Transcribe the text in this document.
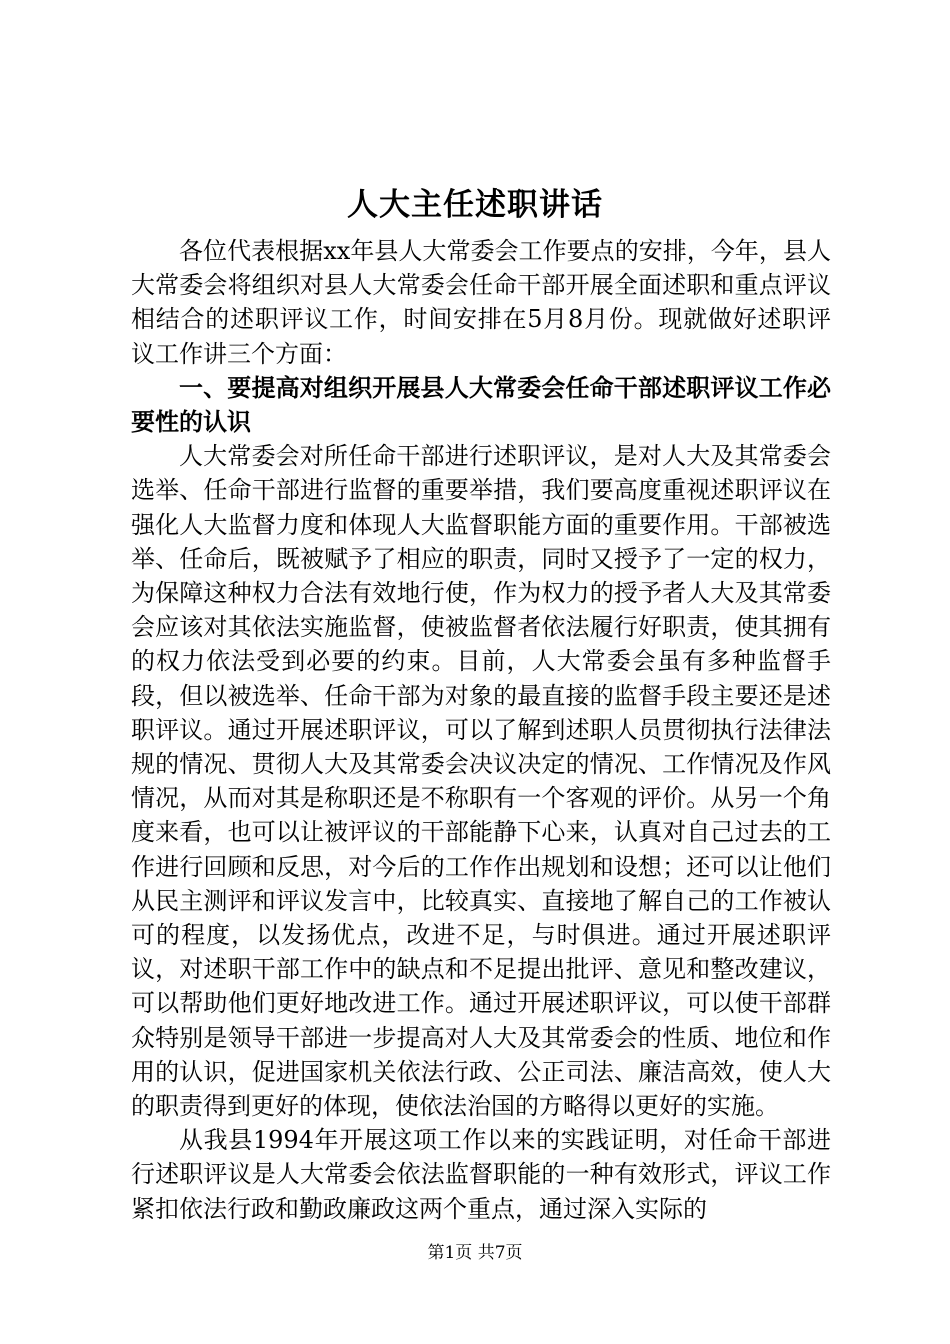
人大主任述职讲话

各位代表根据xx年县人大常委会工作要点的安排，今年，县人大常委会将组织对县人大常委会任命干部开展全面述职和重点评议相结合的述职评议工作，时间安排在5月8月份。现就做好述职评议工作讲三个方面：

一、要提高对组织开展县人大常委会任命干部述职评议工作必要性的认识

人大常委会对所任命干部进行述职评议，是对人大及其常委会选举、任命干部进行监督的重要举措，我们要高度重视述职评议在强化人大监督力度和体现人大监督职能方面的重要作用。干部被选举、任命后，既被赋予了相应的职责，同时又授予了一定的权力，为保障这种权力合法有效地行使，作为权力的授予者人大及其常委会应该对其依法实施监督，使被监督者依法履行好职责，使其拥有的权力依法受到必要的约束。目前，人大常委会虽有多种监督手段，但以被选举、任命干部为对象的最直接的监督手段主要还是述职评议。通过开展述职评议，可以了解到述职人员贯彻执行法律法规的情况、贯彻人大及其常委会决议决定的情况、工作情况及作风情况，从而对其是称职还是不称职有一个客观的评价。从另一个角度来看，也可以让被评议的干部能静下心来，认真对自己过去的工作进行回顾和反思，对今后的工作作出规划和设想；还可以让他们从民主测评和评议发言中，比较真实、直接地了解自己的工作被认可的程度，以发扬优点，改进不足，与时俱进。通过开展述职评议，对述职干部工作中的缺点和不足提出批评、意见和整改建议，可以帮助他们更好地改进工作。通过开展述职评议，可以使干部群众特别是领导干部进一步提高对人大及其常委会的性质、地位和作用的认识，促进国家机关依法行政、公正司法、廉洁高效，使人大的职责得到更好的体现，使依法治国的方略得以更好的实施。

从我县1994年开展这项工作以来的实践证明，对任命干部进行述职评议是人大常委会依法监督职能的一种有效形式，评议工作紧扣依法行政和勤政廉政这两个重点，通过深入实际的

第1页 共7页
